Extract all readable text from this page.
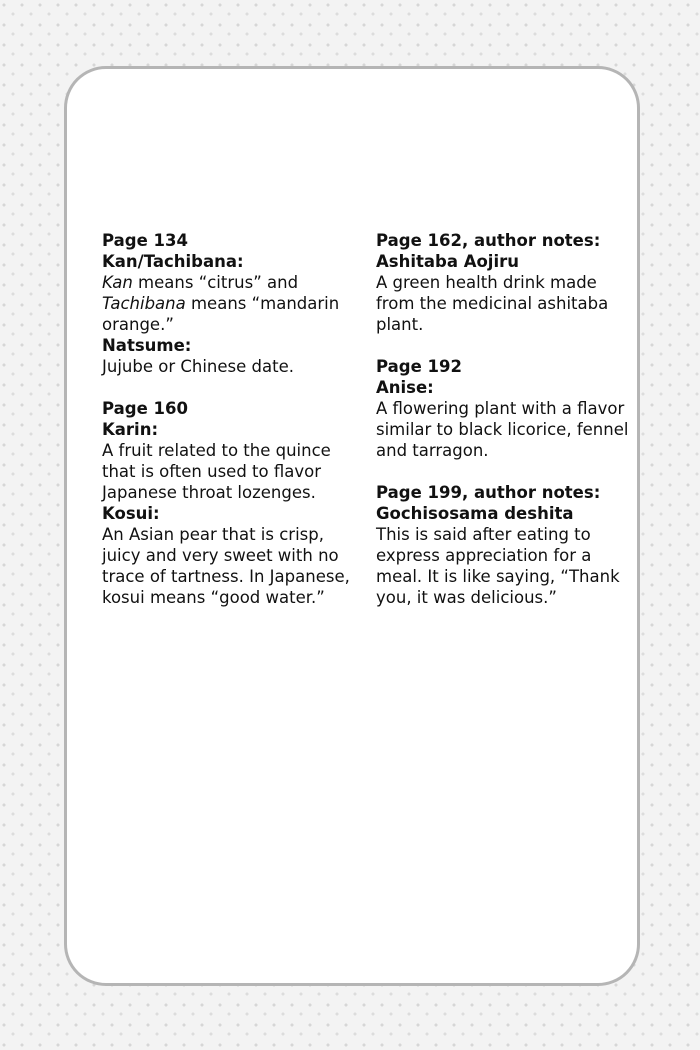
Page 134
Kan/Tachibana:
Kan means “citrus” and Tachibana means “mandarin orange.”
Natsume:
Jujube or Chinese date.
Page 160
Karin:
A fruit related to the quince that is often used to flavor Japanese throat lozenges.
Kosui:
An Asian pear that is crisp, juicy and very sweet with no trace of tartness. In Japanese, kosui means “good water.”
Page 162, author notes:
Ashitaba Aojiru
A green health drink made from the medicinal ashitaba plant.
Page 192
Anise:
A flowering plant with a flavor similar to black licorice, fennel and tarragon.
Page 199, author notes:
Gochisosama deshita
This is said after eating to express appreciation for a meal. It is like saying, “Thank you, it was delicious.”
